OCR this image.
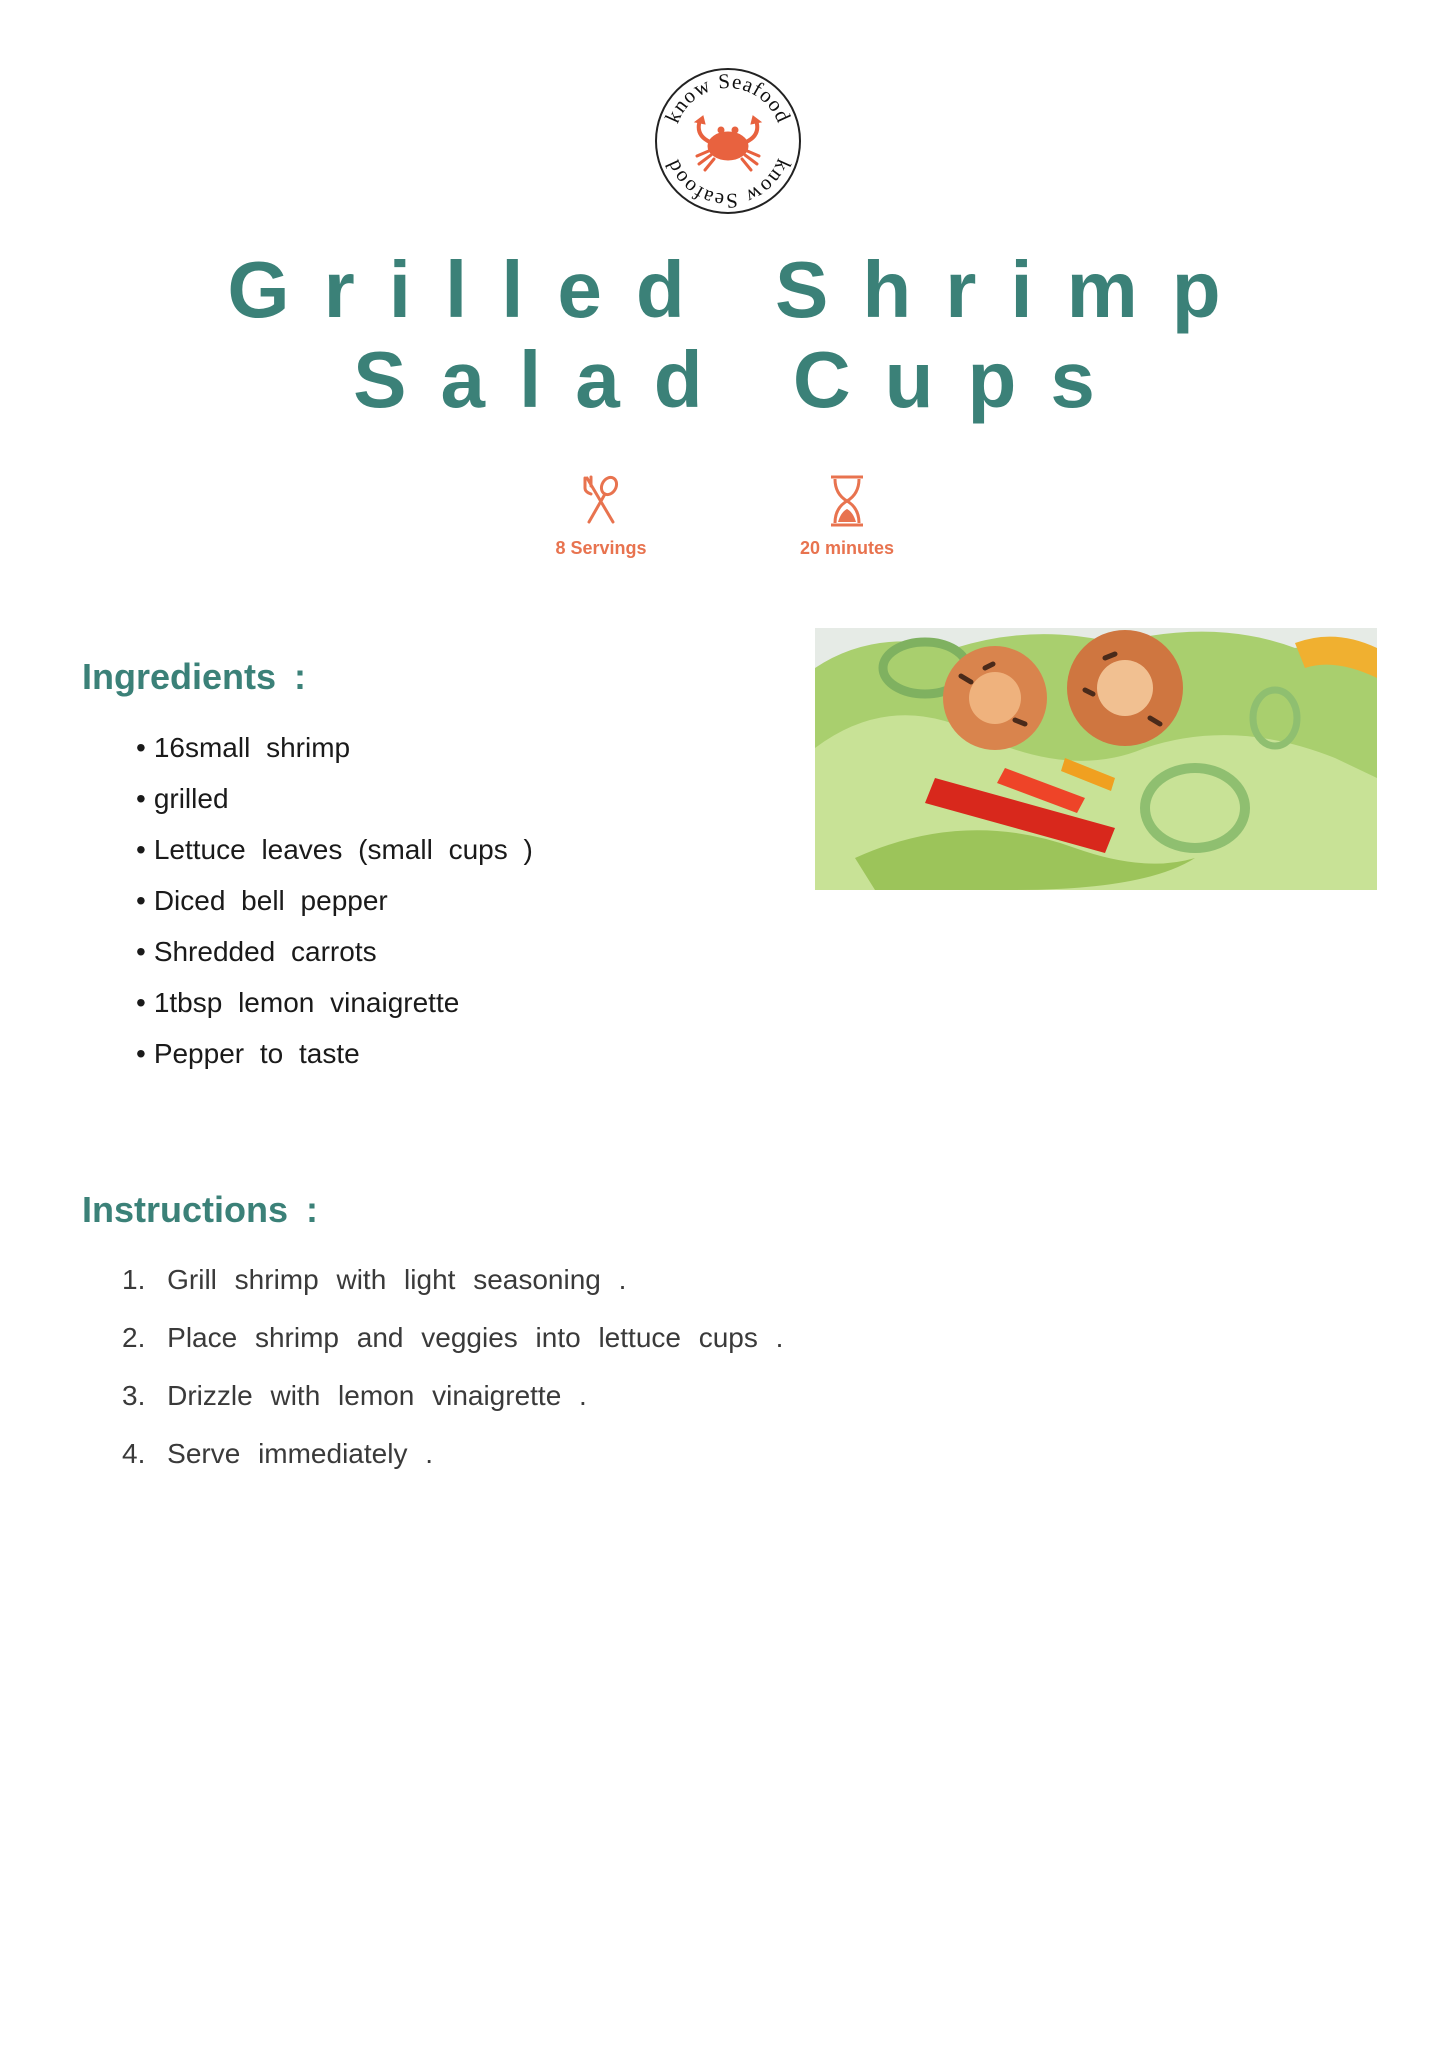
know Seafood
know Seafood
Grilled Shrimp
Salad Cups
8 Servings	20 minutes
Ingredients :
• 16small shrimp
• grilled
• Lettuce leaves (small cups )
• Diced bell pepper
• Shredded carrots
• 1tbsp lemon vinaigrette
• Pepper to taste
Instructions :
1. Grill shrimp with light seasoning .
2. Place shrimp and veggies into lettuce cups .
3. Drizzle with lemon vinaigrette .
4. Serve immediately .
